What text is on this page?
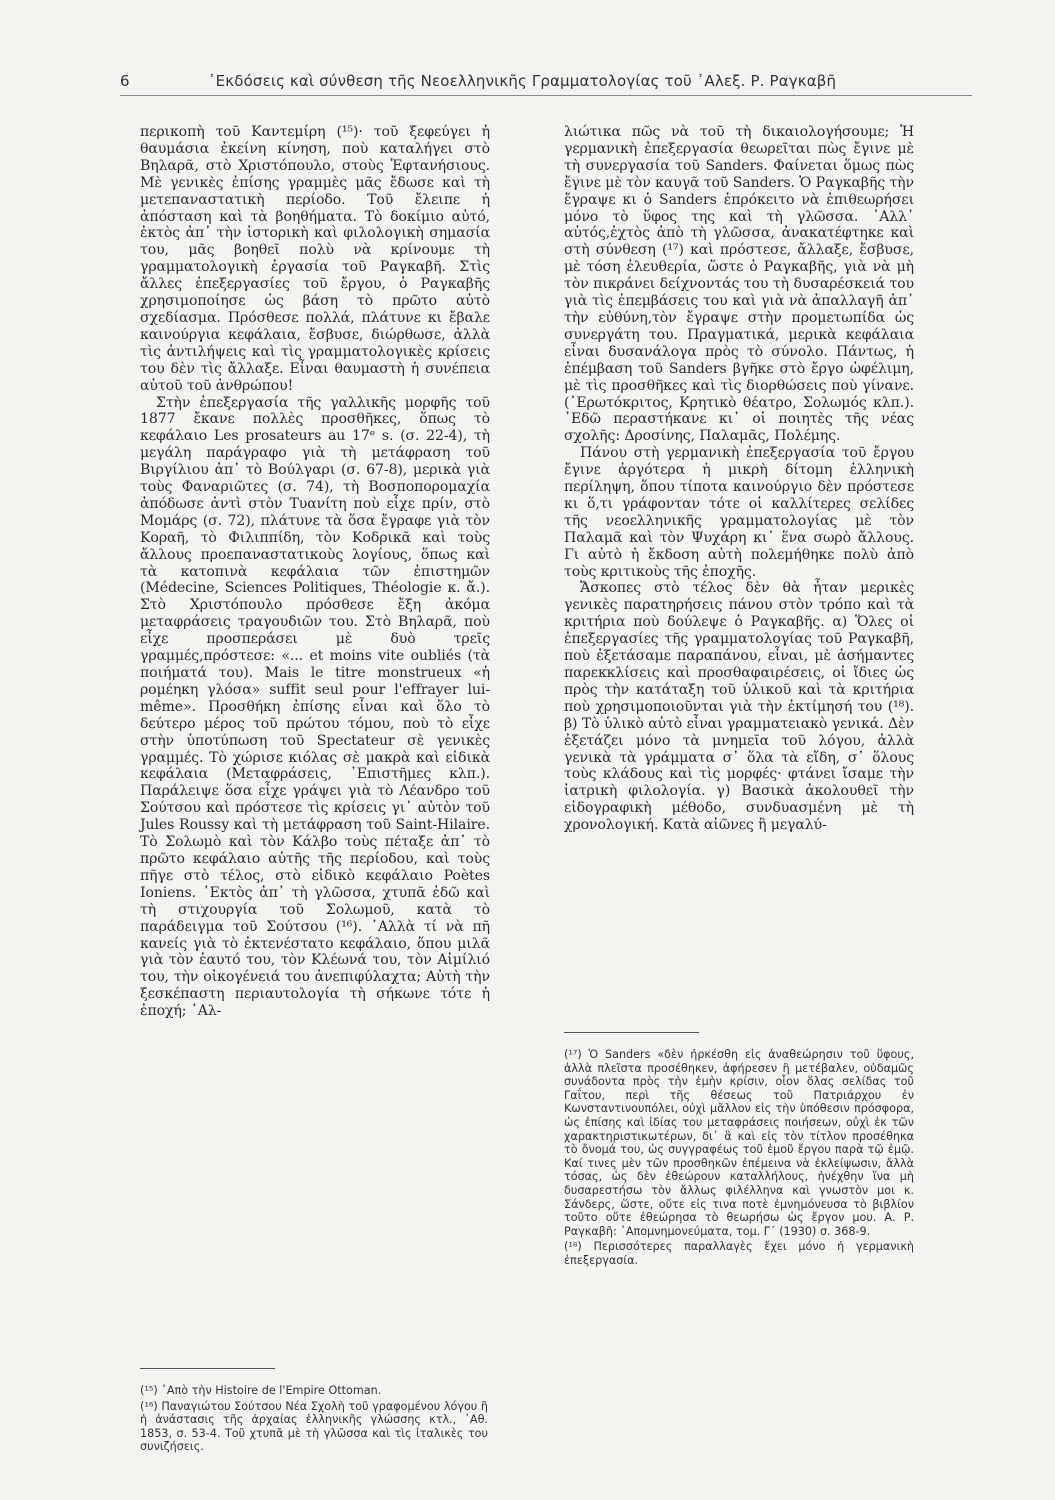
6	᾿Εκδόσεις καὶ σύνθεση τῆς Νεοελληνικῆς Γραμματολογίας τοῦ ᾿Αλεξ. Ρ. Ραγκαβῆ

περικοπὴ τοῦ Καντεμίρη (¹⁵)· τοῦ ξεφεύγει ἡ θαυμάσια ἐκείνη κίνηση, ποὺ καταλήγει στὸ Βηλαρᾶ, στὸ Χριστόπουλο, στοὺς Ἑφτανήσιους. Μὲ γενικὲς ἐπίσης γραμμὲς μᾶς ἔδωσε καὶ τὴ μετεπαναστατικὴ περίοδο. Τοῦ ἔλειπε ἡ ἀπόσταση καὶ τὰ βοηθήματα. Τὸ δοκίμιο αὐτό, ἐκτὸς ἀπ᾿ τὴν ἱστορικὴ καὶ φιλολογικὴ σημασία του, μᾶς βοηθεῖ πολὺ νὰ κρίνουμε τὴ γραμματολογικὴ ἐργασία τοῦ Ραγκαβῆ. Στὶς ἄλλες ἐπεξεργασίες τοῦ ἔργου, ὁ Ραγκαβῆς χρησιμοποίησε ὡς βάση τὸ πρῶτο αὐτὸ σχεδίασμα. Πρόσθεσε πολλά, πλάτυνε κι ἔβαλε καινούργια κεφάλαια, ἔσβυσε, διώρθωσε, ἀλλὰ τὶς ἀντιλήψεις καὶ τὶς γραμματολογικὲς κρίσεις του δὲν τὶς ἄλλαξε. Εἶναι θαυμαστὴ ἡ συνέπεια αὐτοῦ τοῦ ἀνθρώπου!

Στὴν ἐπεξεργασία τῆς γαλλικῆς μορφῆς τοῦ 1877 ἔκανε πολλὲς προσθῆκες, ὅπως τὸ κεφάλαιο Les prosateurs au 17ᵉ s. (σ. 22-4), τὴ μεγάλη παράγραφο γιὰ τὴ μετάφραση τοῦ Βιργίλιου ἀπ᾿ τὸ Βούλγαρι (σ. 67-8), μερικὰ γιὰ τοὺς Φαναριῶτες (σ. 74), τὴ Βοσποπορομαχία ἀπόδωσε ἀντὶ στὸν Τυανίτη ποὺ εἶχε πρίν, στὸ Μομάρς (σ. 72), πλάτυνε τὰ ὅσα ἔγραφε γιὰ τὸν Κοραῆ, τὸ Φιλιππίδη, τὸν Κοδρικᾶ καὶ τοὺς ἄλλους προεπαναστατικοὺς λογίους, ὅπως καὶ τὰ κατοπινὰ κεφάλαια τῶν ἐπιστημῶν (Médecine, Sciences Politiques, Théologie κ. ἄ.). Στὸ Χριστόπουλο πρόσθεσε ἔξη ἀκόμα μεταφράσεις τραγουδιῶν του. Στὸ Βηλαρᾶ, ποὺ εἶχε προσπεράσει μὲ δυὸ τρεῖς γραμμές,πρόστεσε: «... et moins vite oubliés (τὰ ποιήματά του). Mais le titre monstrueux «ἡ ρομέηκη γλόσα» suffit seul pour l'effrayer lui-même». Προσθήκη ἐπίσης εἶναι καὶ ὅλο τὸ δεύτερο μέρος τοῦ πρώτου τόμου, ποὺ τὸ εἶχε στὴν ὑποτύπωση τοῦ Spectateur σὲ γενικὲς γραμμές. Τὸ χώρισε κιόλας σὲ μακρὰ καὶ εἰδικὰ κεφάλαια (Μεταφράσεις, ᾿Επιστῆμες κλπ.). Παράλειψε ὅσα εἶχε γράψει γιὰ τὸ Λέανδρο τοῦ Σούτσου καὶ πρόστεσε τὶς κρίσεις γι᾿ αὐτὸν τοῦ Jules Roussy καὶ τὴ μετάφραση τοῦ Saint-Hilaire. Τὸ Σολωμὸ καὶ τὸν Κάλβο τοὺς πέταξε ἀπ᾿ τὸ πρῶτο κεφάλαιο αὐτῆς τῆς περίοδου, καὶ τοὺς πῆγε στὸ τέλος, στὸ εἰδικὸ κεφάλαιο Poètes Ioniens. ᾿Εκτὸς ἀπ᾿ τὴ γλῶσσα, χτυπᾶ ἐδῶ καὶ τὴ στιχουργία τοῦ Σολωμοῦ, κατὰ τὸ παράδειγμα τοῦ Σούτσου (¹⁶). ᾿Αλλὰ τί νὰ πῆ κανείς γιὰ τὸ ἐκτενέστατο κεφάλαιο, ὅπου μιλᾶ γιὰ τὸν ἑαυτό του, τὸν Κλέωνά του, τὸν Αἰμίλιό του, τὴν οἰκογένειά του ἀνεπιφύλαχτα; Αὐτὴ τὴν ξεσκέπαστη περιαυτολογία τὴ σήκωνε τότε ἡ ἐποχή; ᾿Αλ-

λιώτικα πῶς νὰ τοῦ τὴ δικαιολογήσουμε; Ἡ γερμανικὴ ἐπεξεργασία θεωρεῖται πὼς ἔγινε μὲ τὴ συνεργασία τοῦ Sanders. Φαίνεται ὅμως πὼς ἔγινε μὲ τὸν καυγᾶ τοῦ Sanders. Ὁ Ραγκαβῆς τὴν ἔγραψε κι ὁ Sanders ἐπρόκειτο νὰ ἐπιθεωρήσει μόνο τὸ ὕφος της καὶ τὴ γλῶσσα. ᾿Αλλ᾿ αὐτός,ἐχτὸς ἀπὸ τὴ γλῶσσα, ἀνακατέφτηκε καὶ στὴ σύνθεση (¹⁷) καὶ πρόστεσε, ἄλλαξε, ἔσβυσε, μὲ τόση ἐλευθερία, ὥστε ὁ Ραγκαβῆς, γιὰ νὰ μὴ τὸν πικράνει δείχνοντάς του τὴ δυσαρέσκειά του γιὰ τὶς ἐπεμβάσεις του καὶ γιὰ νὰ ἀπαλλαγῆ ἀπ᾿ τὴν εὐθύνη,τὸν ἔγραψε στὴν προμετωπίδα ὡς συνεργάτη του. Πραγματικά, μερικὰ κεφάλαια εἶναι δυσανάλογα πρὸς τὸ σύνολο. Πάντως, ἡ ἐπέμβαση τοῦ Sanders βγῆκε στὸ ἔργο ὠφέλιμη, μὲ τὶς προσθῆκες καὶ τὶς διορθώσεις ποὺ γίνανε. (᾿Ερωτόκριτος, Κρητικὸ θέατρο, Σολωμός κλπ.). ᾿Εδῶ περαστήκανε κι᾿ οἱ ποιητὲς τῆς νέας σχολῆς: Δροσίνης, Παλαμᾶς, Πολέμης.

Πάνου στὴ γερμανικὴ ἐπεξεργασία τοῦ ἔργου ἔγινε ἀργότερα ἡ μικρὴ δίτομη ἑλληνικὴ περίληψη, ὅπου τίποτα καινούργιο δὲν πρόστεσε κι ὅ,τι γράφονταν τότε οἱ καλλίτερες σελίδες τῆς νεοελληνικῆς γραμματολογίας μὲ τὸν Παλαμᾶ καὶ τὸν Ψυχάρη κι᾿ ἕνα σωρὸ ἄλλους. Γι αὐτὸ ἡ ἔκδοση αὐτὴ πολεμήθηκε πολὺ ἀπὸ τοὺς κριτικοὺς τῆς ἐποχῆς.

Ἄσκοπες στὸ τέλος δὲν θὰ ἦταν μερικὲς γενικὲς παρατηρήσεις πάνου στὸν τρόπο καὶ τὰ κριτήρια ποὺ δούλεψε ὁ Ραγκαβῆς. α) Ὅλες οἱ ἐπεξεργασίες τῆς γραμματολογίας τοῦ Ραγκαβῆ, ποὺ ἐξετάσαμε παραπάνου, εἶναι, μὲ ἀσήμαντες παρεκκλίσεις καὶ προσθαφαιρέσεις, οἱ ἴδιες ὡς πρὸς τὴν κατάταξη τοῦ ὑλικοῦ καὶ τὰ κριτήρια ποὺ χρησιμοποιοῦνται γιὰ τὴν ἐκτίμησή του (¹⁸). β) Τὸ ὑλικὸ αὐτὸ εἶναι γραμματειακὸ γενικά. Δὲν ἐξετάζει μόνο τὰ μνημεῖα τοῦ λόγου, ἀλλὰ γενικὰ τὰ γράμματα σ᾿ ὅλα τὰ εἴδη, σ᾿ ὅλους τοὺς κλάδους καὶ τὶς μορφές· φτάνει ἴσαμε τὴν ἰατρικὴ φιλολογία. γ) Βασικὰ ἀκολουθεῖ τὴν εἰδογραφικὴ μέθοδο, συνδυασμένη μὲ τὴ χρονολογική. Κατὰ αἰῶνες ἢ μεγαλύ-

(¹⁷) Ὁ Sanders «δὲν ἠρκέσθη εἰς ἀναθεώρησιν τοῦ ὕφους, ἀλλὰ πλεῖστα προσέθηκεν, ἀφήρεσεν ἢ μετέβαλεν, οὐδαμῶς συνάδοντα πρὸς τὴν ἐμὴν κρίσιν, οἷον ὅλας σελίδας τοῦ Γαΐτου, περὶ τῆς θέσεως τοῦ Πατριάρχου ἐν Κωνσταντινουπόλει, οὐχὶ μᾶλλον εἰς τὴν ὑπόθεσιν πρόσφορα, ὡς ἐπίσης καὶ ἰδίας του μεταφράσεις ποιήσεων, οὐχὶ ἐκ τῶν χαρακτηριστικωτέρων, δι᾿ ἃ καὶ εἰς τὸν τίτλον προσέθηκα τὸ ὄνομά του, ὡς συγγραφέως τοῦ ἐμοῦ ἔργου παρὰ τῷ ἐμῷ. Καί τινες μὲν τῶν προσθηκῶν ἐπέμεινα νὰ ἐκλείψωσιν, ἄλλὰ τόσας, ὡς δὲν ἐθεώρουν καταλλήλους, ἠνέχθην ἵνα μὴ δυσαρεστήσω τὸν ἄλλως φιλέλληνα καὶ γνωστὸν μοι κ. Σάνδερς, ὥστε, οὔτε εἰς τινα ποτὲ ἐμνημόνευσα τὸ βιβλίον τοῦτο οὔτε ἐθεώρησα τὸ θεωρήσω ὡς ἔργον μου. Α. Ρ. Ραγκαβῆ: ᾿Απομνημονεύματα, τομ. Γ´ (1930) σ. 368-9.

(¹⁸) Περισσότερες παραλλαγὲς ἔχει μόνο ἡ γερμανικὴ ἐπεξεργασία.

(¹⁵) ᾿Απὸ τὴν Histoire de l'Empire Ottoman.

(¹⁶) Παναγιώτου Σούτσου Νέα Σχολὴ τοῦ γραφομένου λόγου ἢ ἡ ἀνάστασις τῆς ἀρχαίας ἑλληνικῆς γλώσσης κτλ., ᾿Αθ. 1853, σ. 53-4. Τοῦ χτυπᾶ μὲ τὴ γλῶσσα καὶ τὶς ἰταλικὲς του συνιζήσεις.
